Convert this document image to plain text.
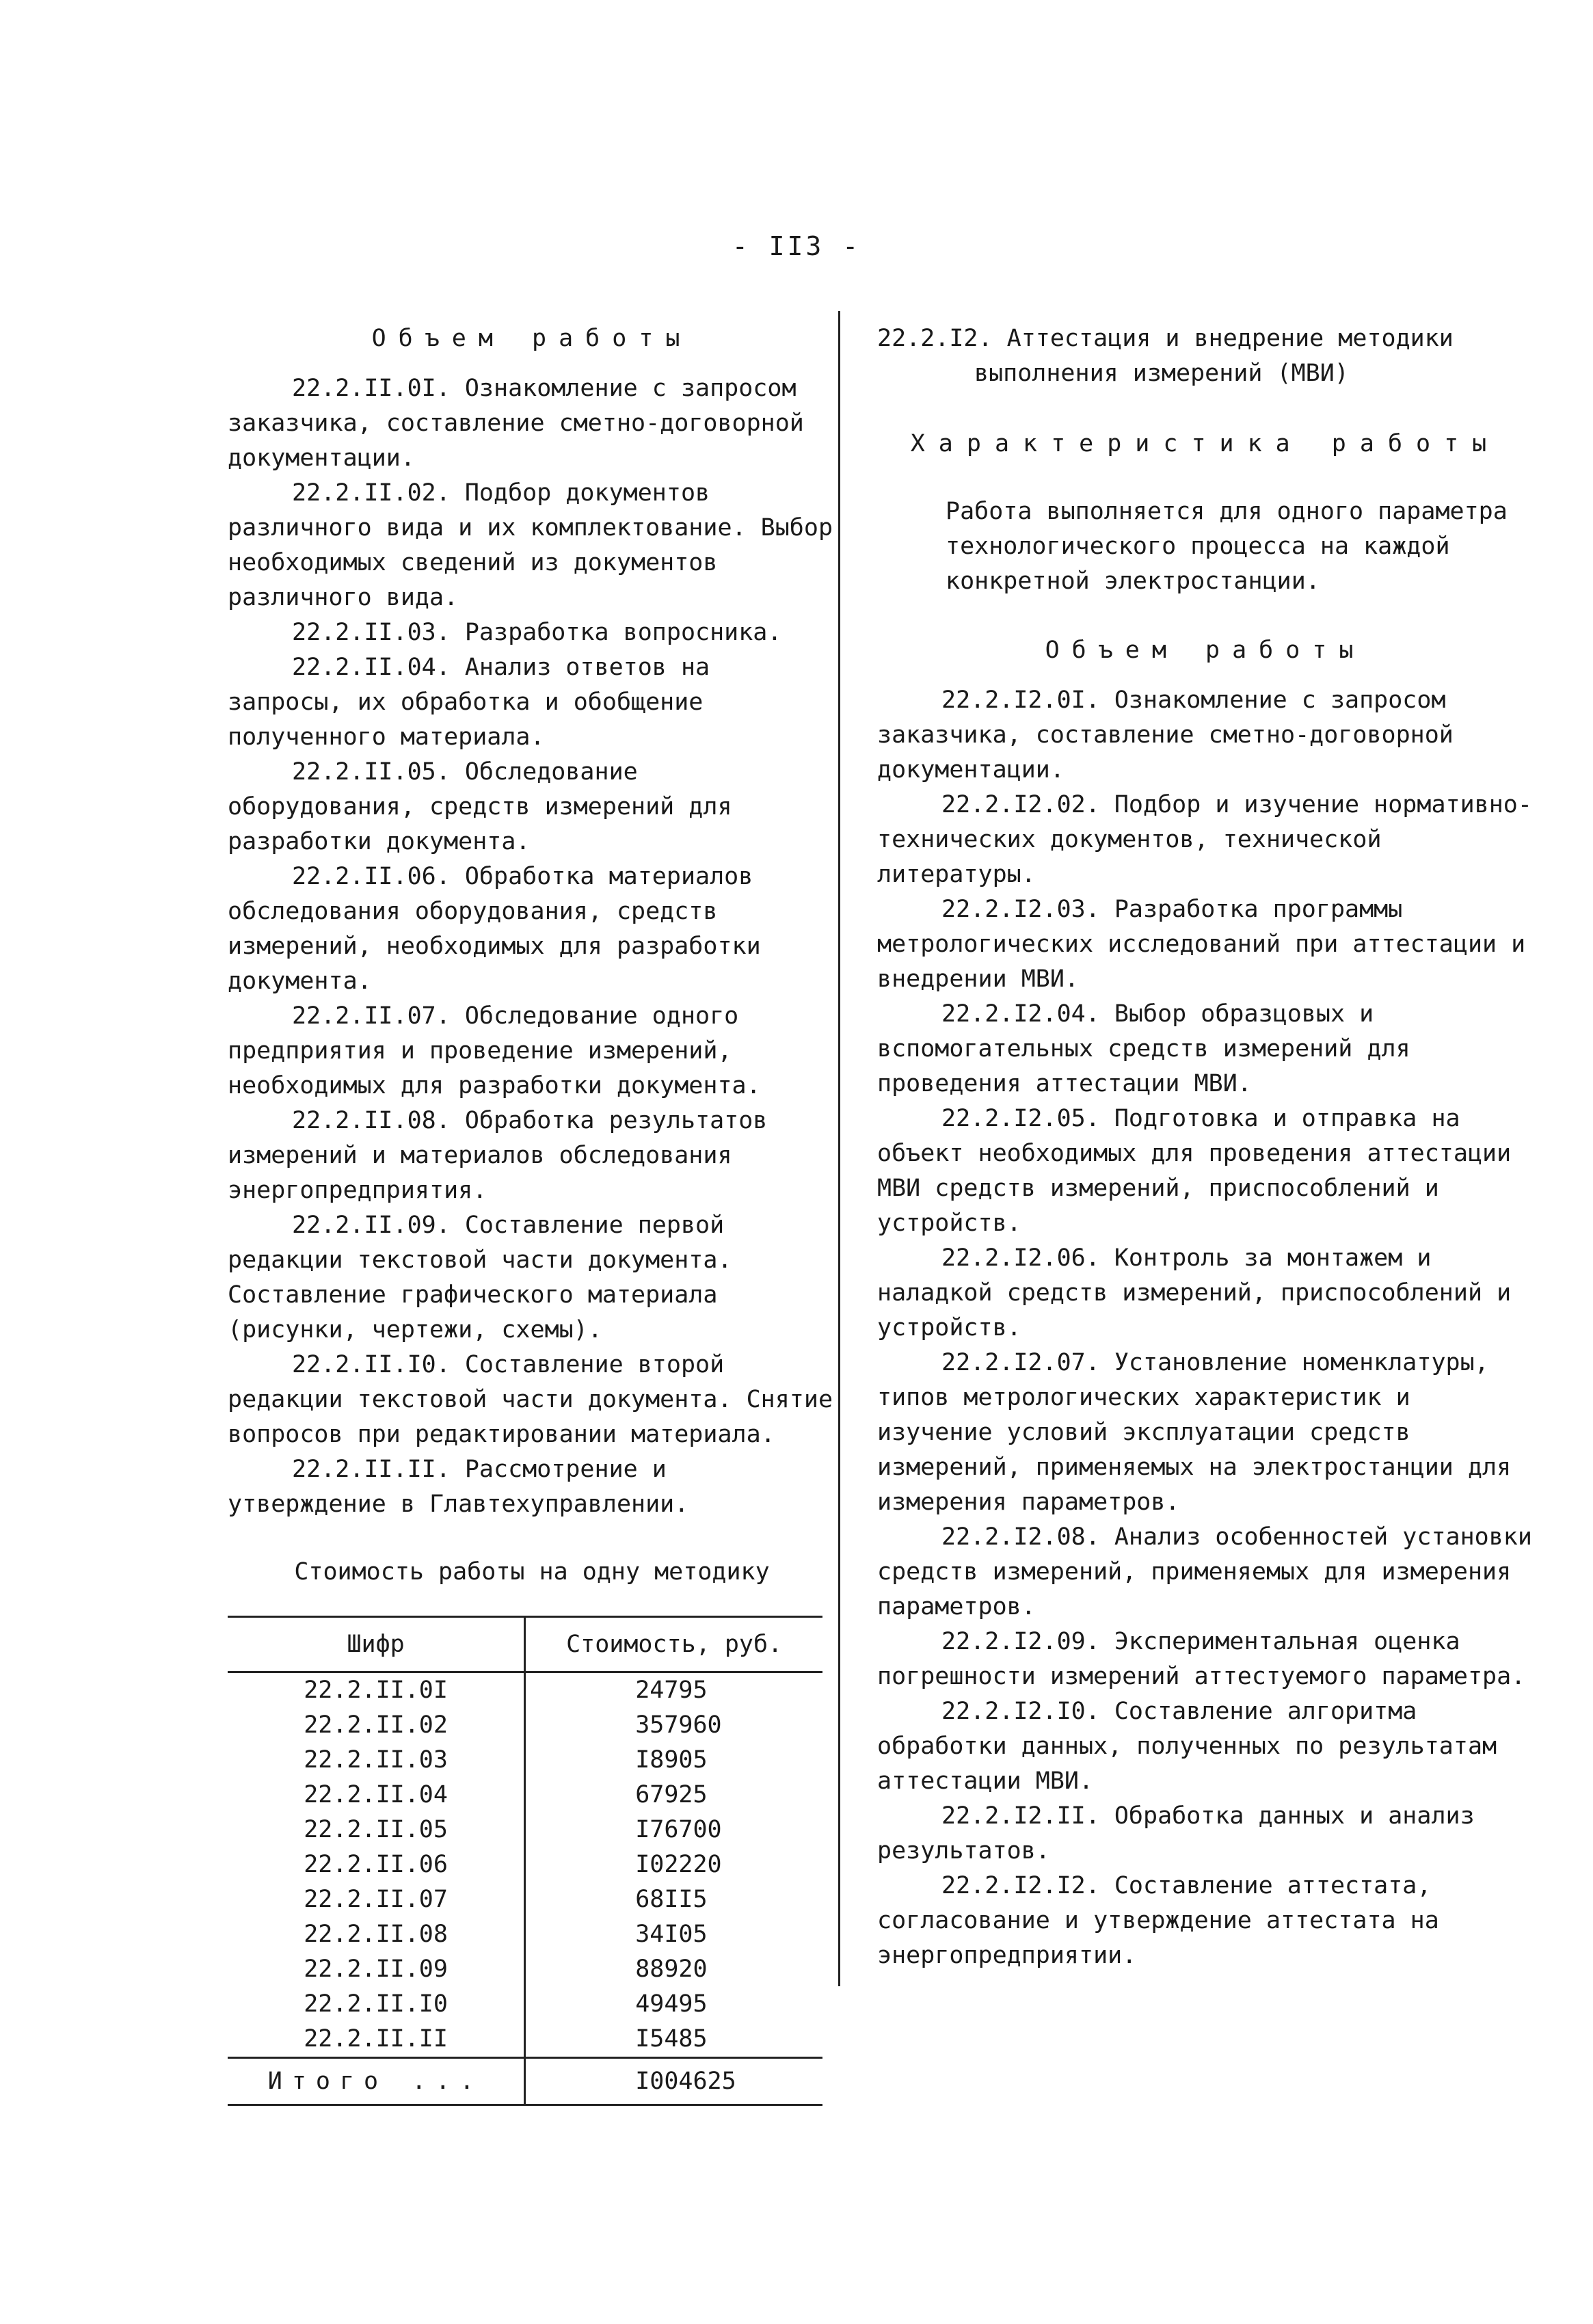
- II3 -
Объем работы

22.2.II.0I. Ознакомление с запросом заказчика, составление сметно-договорной документации.

22.2.II.02. Подбор документов различного вида и их комплектование. Выбор необходимых сведений из документов различного вида.

22.2.II.03. Разработка вопросника.

22.2.II.04. Анализ ответов на запросы, их обработка и обобщение полученного материала.

22.2.II.05. Обследование оборудования, средств измерений для разработки документа.

22.2.II.06. Обработка материалов обследования оборудования, средств измерений, необходимых для разработки документа.

22.2.II.07. Обследование одного предприятия и проведение измерений, необходимых для разработки документа.

22.2.II.08. Обработка результатов измерений и материалов обследования энергопредприятия.

22.2.II.09. Составление первой редакции текстовой части документа. Составление графического материала (рисунки, чертежи, схемы).

22.2.II.I0. Составление второй редакции текстовой части документа. Снятие вопросов при редактировании материала.

22.2.II.II. Рассмотрение и утверждение в Главтехуправлении.

Стоимость работы на одну методику
Шифр	Стоимость, руб.
22.2.II.0I	24795
22.2.II.02	357960
22.2.II.03	I8905
22.2.II.04	67925
22.2.II.05	I76700
22.2.II.06	I02220
22.2.II.07	68II5
22.2.II.08	34I05
22.2.II.09	88920
22.2.II.I0	49495
22.2.II.II	I5485
Итого ...	I004625

22.2.I2. Аттестация и внедрение методики
выполнения измерений (МВИ)

Характеристика работы

Работа выполняется для одного параметра технологического процесса на каждой конкретной электростанции.

Объем работы

22.2.I2.0I. Ознакомление с запросом заказчика, составление сметно-договорной документации.

22.2.I2.02. Подбор и изучение нормативно-технических документов, технической литературы.

22.2.I2.03. Разработка программы метрологических исследований при аттестации и внедрении МВИ.

22.2.I2.04. Выбор образцовых и вспомогательных средств измерений для проведения аттестации МВИ.

22.2.I2.05. Подготовка и отправка на объект необходимых для проведения аттестации МВИ средств измерений, приспособлений и устройств.

22.2.I2.06. Контроль за монтажем и наладкой средств измерений, приспособлений и устройств.

22.2.I2.07. Установление номенклатуры, типов метрологических характеристик и изучение условий эксплуатации средств измерений, применяемых на электростанции для измерения параметров.

22.2.I2.08. Анализ особенностей установки средств измерений, применяемых для измерения параметров.

22.2.I2.09. Экспериментальная оценка погрешности измерений аттестуемого параметра.

22.2.I2.I0. Составление алгоритма обработки данных, полученных по результатам аттестации МВИ.

22.2.I2.II. Обработка данных и анализ результатов.

22.2.I2.I2. Составление аттестата, согласование и утверждение аттестата на энергопредприятии.
